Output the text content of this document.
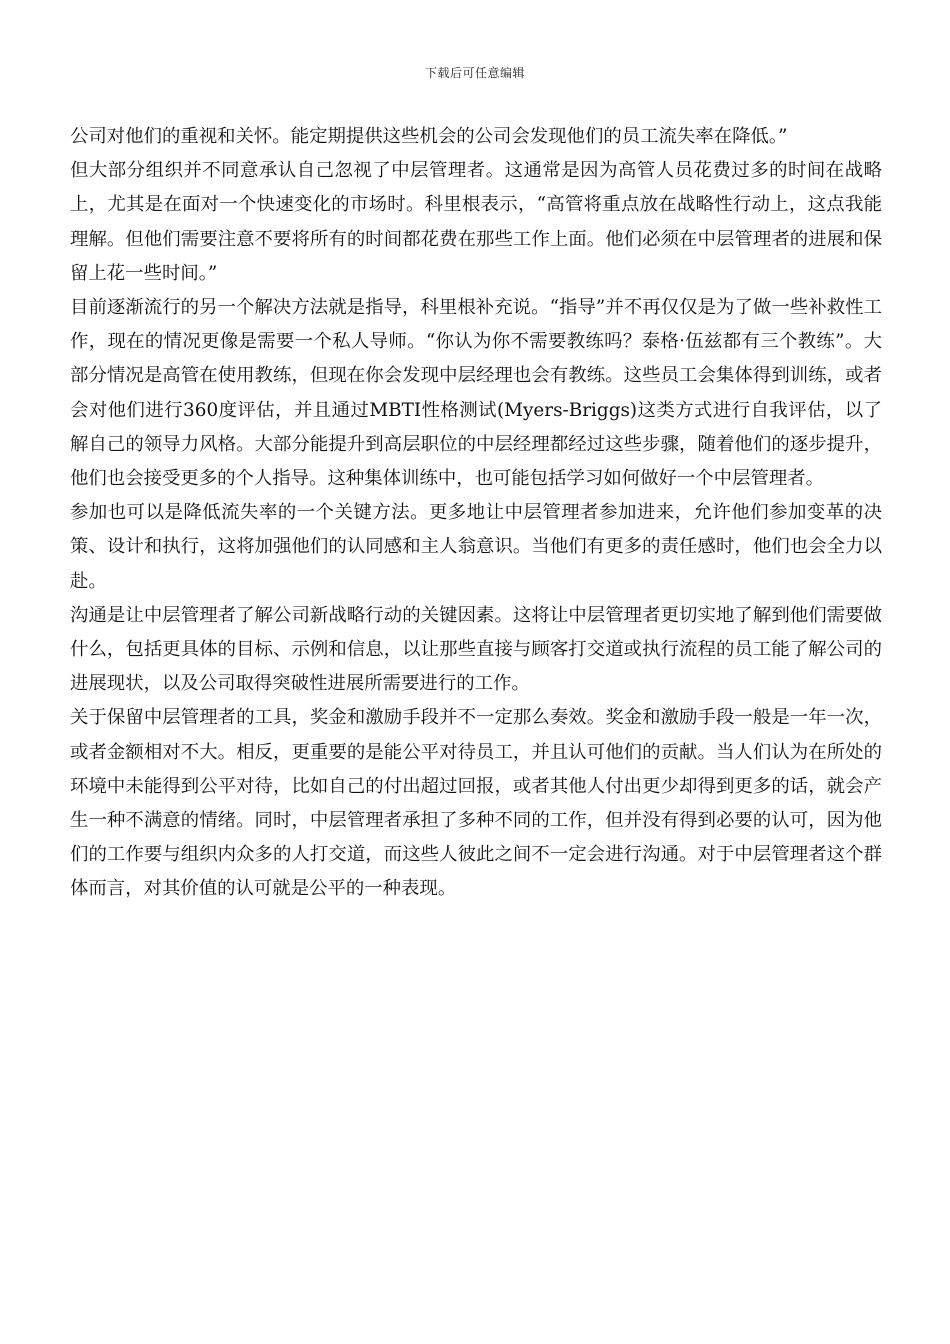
下载后可任意编辑

公司对他们的重视和关怀。能定期提供这些机会的公司会发现他们的员工流失率在降低。”

但大部分组织并不同意承认自己忽视了中层管理者。这通常是因为高管人员花费过多的时间在战略上，尤其是在面对一个快速变化的市场时。科里根表示，“高管将重点放在战略性行动上，这点我能理解。但他们需要注意不要将所有的时间都花费在那些工作上面。他们必须在中层管理者的进展和保留上花一些时间。”

目前逐渐流行的另一个解决方法就是指导，科里根补充说。“指导”并不再仅仅是为了做一些补救性工作，现在的情况更像是需要一个私人导师。“你认为你不需要教练吗？泰格·伍兹都有三个教练”。大部分情况是高管在使用教练，但现在你会发现中层经理也会有教练。这些员工会集体得到训练，或者会对他们进行360度评估，并且通过MBTI性格测试(Myers-Briggs)这类方式进行自我评估，以了解自己的领导力风格。大部分能提升到高层职位的中层经理都经过这些步骤，随着他们的逐步提升，他们也会接受更多的个人指导。这种集体训练中，也可能包括学习如何做好一个中层管理者。

参加也可以是降低流失率的一个关键方法。更多地让中层管理者参加进来，允许他们参加变革的决策、设计和执行，这将加强他们的认同感和主人翁意识。当他们有更多的责任感时，他们也会全力以赴。

沟通是让中层管理者了解公司新战略行动的关键因素。这将让中层管理者更切实地了解到他们需要做什么，包括更具体的目标、示例和信息，以让那些直接与顾客打交道或执行流程的员工能了解公司的进展现状，以及公司取得突破性进展所需要进行的工作。

关于保留中层管理者的工具，奖金和激励手段并不一定那么奏效。奖金和激励手段一般是一年一次，或者金额相对不大。相反，更重要的是能公平对待员工，并且认可他们的贡献。当人们认为在所处的环境中未能得到公平对待，比如自己的付出超过回报，或者其他人付出更少却得到更多的话，就会产生一种不满意的情绪。同时，中层管理者承担了多种不同的工作，但并没有得到必要的认可，因为他们的工作要与组织内众多的人打交道，而这些人彼此之间不一定会进行沟通。对于中层管理者这个群体而言，对其价值的认可就是公平的一种表现。
